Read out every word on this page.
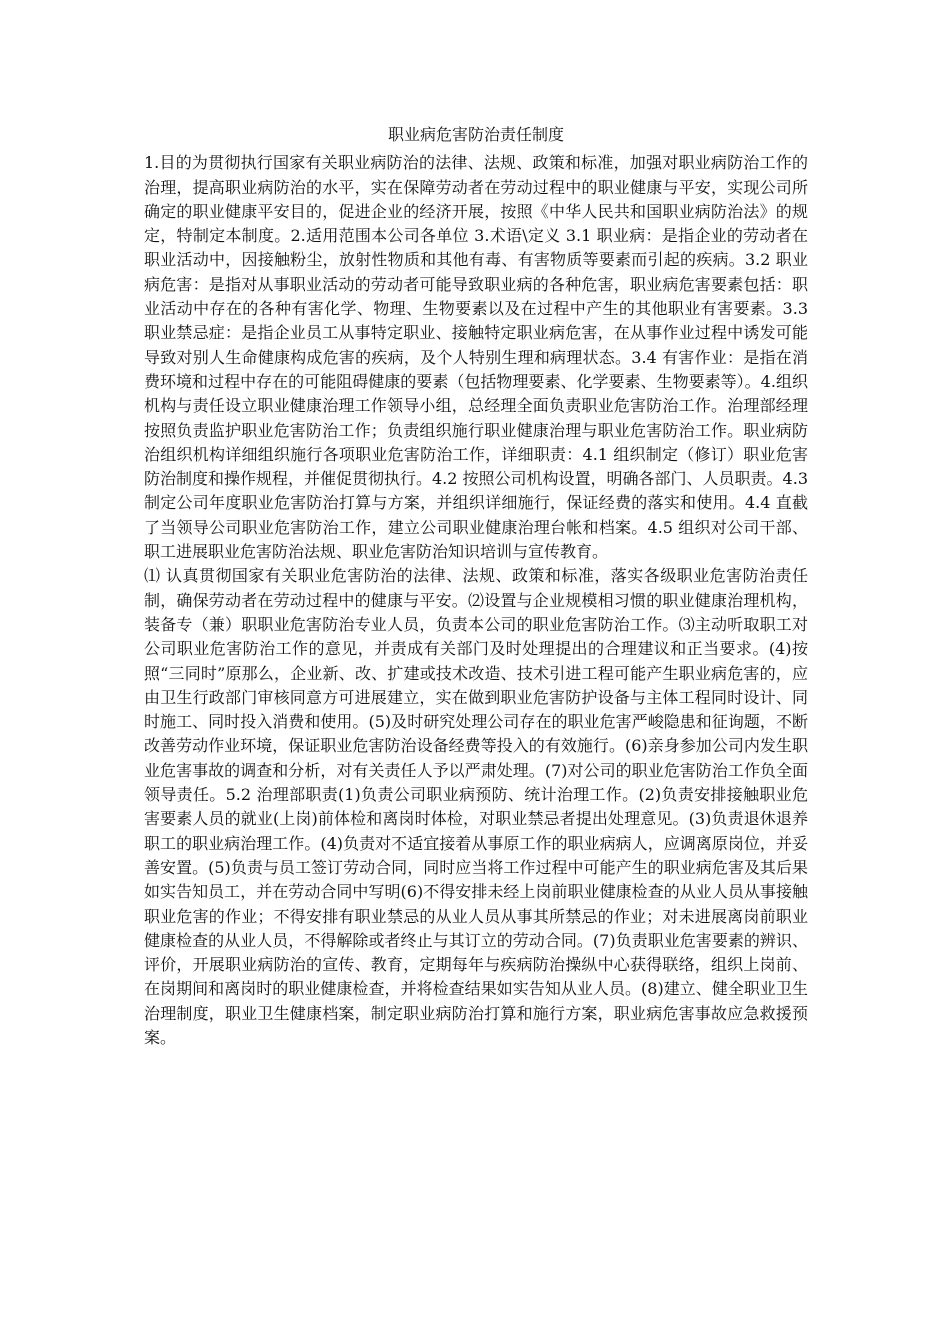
职业病危害防治责任制度

1.目的为贯彻执行国家有关职业病防治的法律、法规、政策和标准，加强对职业病防治工作的治理，提高职业病防治的水平，实在保障劳动者在劳动过程中的职业健康与平安，实现公司所确定的职业健康平安目的，促进企业的经济开展，按照《中华人民共和国职业病防治法》的规定，特制定本制度。2.适用范围本公司各单位 3.术语\定义 3.1 职业病：是指企业的劳动者在职业活动中，因接触粉尘，放射性物质和其他有毒、有害物质等要素而引起的疾病。3.2 职业病危害：是指对从事职业活动的劳动者可能导致职业病的各种危害，职业病危害要素包括：职业活动中存在的各种有害化学、物理、生物要素以及在过程中产生的其他职业有害要素。3.3 职业禁忌症：是指企业员工从事特定职业、接触特定职业病危害，在从事作业过程中诱发可能导致对别人生命健康构成危害的疾病，及个人特别生理和病理状态。3.4 有害作业：是指在消费环境和过程中存在的可能阻碍健康的要素（包括物理要素、化学要素、生物要素等）。4.组织机构与责任设立职业健康治理工作领导小组，总经理全面负责职业危害防治工作。治理部经理按照负责监护职业危害防治工作；负责组织施行职业健康治理与职业危害防治工作。职业病防治组织机构详细组织施行各项职业危害防治工作，详细职责：4.1 组织制定（修订）职业危害防治制度和操作规程，并催促贯彻执行。4.2 按照公司机构设置，明确各部门、人员职责。4.3 制定公司年度职业危害防治打算与方案，并组织详细施行，保证经费的落实和使用。4.4 直截了当领导公司职业危害防治工作，建立公司职业健康治理台帐和档案。4.5 组织对公司干部、职工进展职业危害防治法规、职业危害防治知识培训与宣传教育。

⑴ 认真贯彻国家有关职业危害防治的法律、法规、政策和标准，落实各级职业危害防治责任制，确保劳动者在劳动过程中的健康与平安。⑵设置与企业规模相习惯的职业健康治理机构，装备专（兼）职职业危害防治专业人员，负责本公司的职业危害防治工作。⑶主动听取职工对公司职业危害防治工作的意见，并责成有关部门及时处理提出的合理建议和正当要求。(4)按照“三同时”原那么，企业新、改、扩建或技术改造、技术引进工程可能产生职业病危害的，应由卫生行政部门审核同意方可进展建立，实在做到职业危害防护设备与主体工程同时设计、同时施工、同时投入消费和使用。(5)及时研究处理公司存在的职业危害严峻隐患和征询题，不断改善劳动作业环境，保证职业危害防治设备经费等投入的有效施行。(6)亲身参加公司内发生职业危害事故的调查和分析，对有关责任人予以严肃处理。(7)对公司的职业危害防治工作负全面领导责任。5.2 治理部职责(1)负责公司职业病预防、统计治理工作。(2)负责安排接触职业危害要素人员的就业(上岗)前体检和离岗时体检，对职业禁忌者提出处理意见。(3)负责退休退养职工的职业病治理工作。(4)负责对不适宜接着从事原工作的职业病病人，应调离原岗位，并妥善安置。(5)负责与员工签订劳动合同，同时应当将工作过程中可能产生的职业病危害及其后果如实告知员工，并在劳动合同中写明(6)不得安排未经上岗前职业健康检查的从业人员从事接触职业危害的作业；不得安排有职业禁忌的从业人员从事其所禁忌的作业；对未进展离岗前职业健康检查的从业人员，不得解除或者终止与其订立的劳动合同。(7)负责职业危害要素的辨识、评价，开展职业病防治的宣传、教育，定期每年与疾病防治操纵中心获得联络，组织上岗前、在岗期间和离岗时的职业健康检查，并将检查结果如实告知从业人员。(8)建立、健全职业卫生治理制度，职业卫生健康档案，制定职业病防治打算和施行方案，职业病危害事故应急救援预案。
